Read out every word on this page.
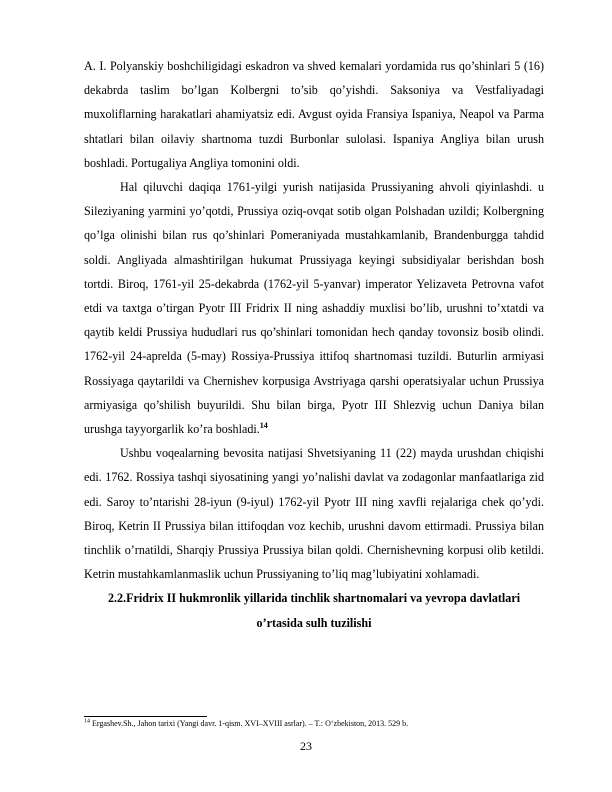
A. I. Polyanskiy boshchiligidagi eskadron va shved kemalari yordamida rus qo’shinlari 5 (16) dekabrda taslim bo’lgan Kolbergni to’sib qo’yishdi. Saksoniya va Vestfaliyadagi muxoliflarning harakatlari ahamiyatsiz edi. Avgust oyida Fransiya Ispaniya, Neapol va Parma shtatlari bilan oilaviy shartnoma tuzdi Burbonlar sulolasi. Ispaniya Angliya bilan urush boshladi. Portugaliya Angliya tomonini oldi.

Hal qiluvchi daqiqa 1761-yilgi yurish natijasida Prussiyaning ahvoli qiyinlashdi. u Sileziyaning yarmini yo’qotdi, Prussiya oziq-ovqat sotib olgan Polshadan uzildi; Kolbergning qo’lga olinishi bilan rus qo’shinlari Pomeraniyada mustahkamlanib, Brandenburgga tahdid soldi. Angliyada almashtirilgan hukumat Prussiyaga keyingi subsidiyalar berishdan bosh tortdi. Biroq, 1761-yil 25-dekabrda (1762-yil 5-yanvar) imperator Yelizaveta Petrovna vafot etdi va taxtga o’tirgan Pyotr III Fridrix II ning ashaddiy muxlisi bo’lib, urushni to’xtatdi va qaytib keldi Prussiya hududlari rus qo’shinlari tomonidan hech qanday tovonsiz bosib olindi. 1762-yil 24-aprelda (5-may) Rossiya-Prussiya ittifoq shartnomasi tuzildi. Buturlin armiyasi Rossiyaga qaytarildi va Chernishev korpusiga Avstriyaga qarshi operatsiyalar uchun Prussiya armiyasiga qo’shilish buyurildi. Shu bilan birga, Pyotr III Shlezvig uchun Daniya bilan urushga tayyorgarlik ko’ra boshladi.$^{14}$

Ushbu voqealarning bevosita natijasi Shvetsiyaning 11 (22) mayda urushdan chiqishi edi. 1762. Rossiya tashqi siyosatining yangi yo’nalishi davlat va zodagonlar manfaatlariga zid edi. Saroy to’ntarishi 28-iyun (9-iyul) 1762-yil Pyotr III ning xavfli rejalariga chek qo’ydi. Biroq, Ketrin II Prussiya bilan ittifoqdan voz kechib, urushni davom ettirmadi. Prussiya bilan tinchlik o’rnatildi, Sharqiy Prussiya Prussiya bilan qoldi. Chernishevning korpusi olib ketildi. Ketrin mustahkamlanmaslik uchun Prussiyaning to’liq mag’lubiyatini xohlamadi.

2.2.Fridrix II hukmronlik yillarida tinchlik shartnomalari va yevropa davlatlari o’rtasida sulh tuzilishi

$^{14}$ Ergashev.Sh., Jahon tarixi (Yangi davr. 1-qism. XVI–XVIII asrlar). – T.: O‘zbekiston, 2013. 529 b.
23
